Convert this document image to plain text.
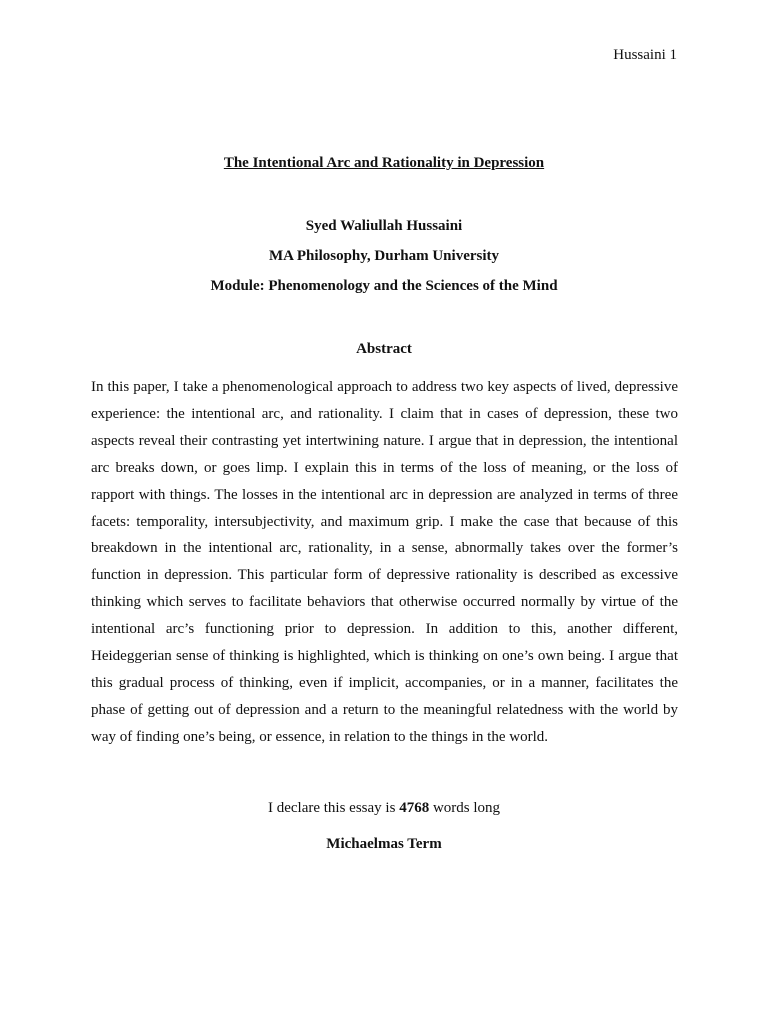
Hussaini 1
The Intentional Arc and Rationality in Depression
Syed Waliullah Hussaini
MA Philosophy, Durham University
Module: Phenomenology and the Sciences of the Mind
Abstract

In this paper, I take a phenomenological approach to address two key aspects of lived, depressive experience: the intentional arc, and rationality. I claim that in cases of depression, these two aspects reveal their contrasting yet intertwining nature. I argue that in depression, the intentional arc breaks down, or goes limp. I explain this in terms of the loss of meaning, or the loss of rapport with things. The losses in the intentional arc in depression are analyzed in terms of three facets: temporality, intersubjectivity, and maximum grip. I make the case that because of this breakdown in the intentional arc, rationality, in a sense, abnormally takes over the former’s function in depression. This particular form of depressive rationality is described as excessive thinking which serves to facilitate behaviors that otherwise occurred normally by virtue of the intentional arc’s functioning prior to depression. In addition to this, another different, Heideggerian sense of thinking is highlighted, which is thinking on one’s own being. I argue that this gradual process of thinking, even if implicit, accompanies, or in a manner, facilitates the phase of getting out of depression and a return to the meaningful relatedness with the world by way of finding one’s being, or essence, in relation to the things in the world.

I declare this essay is 4768 words long
Michaelmas Term
